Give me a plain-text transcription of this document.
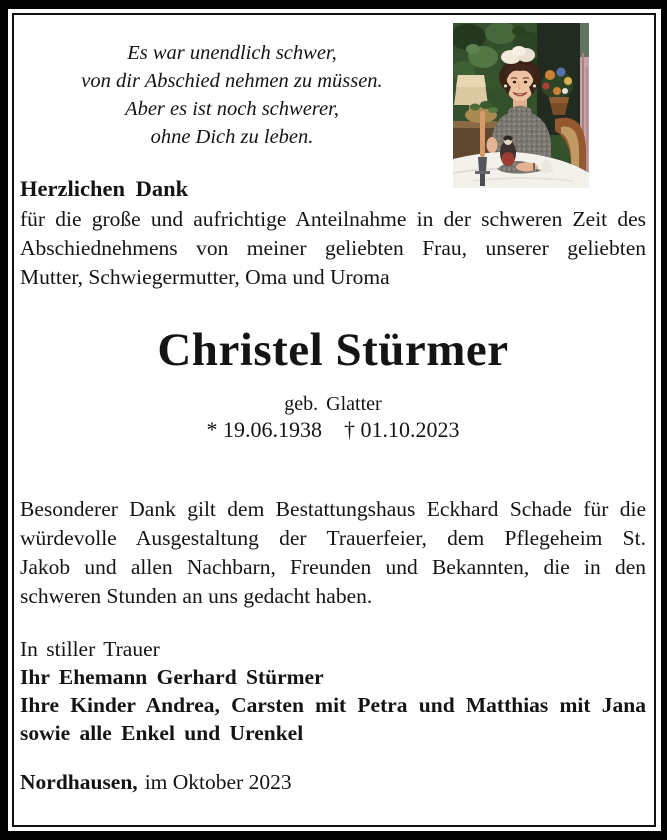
Es war unendlich schwer,
von dir Abschied nehmen zu müssen.
Aber es ist noch schwerer,
ohne Dich zu leben.
Herzlichen Dank
für die große und aufrichtige Anteilnahme in der schweren Zeit des
Abschiednehmens von meiner geliebten Frau, unserer geliebten
Mutter, Schwiegermutter, Oma und Uroma
Christel Stürmer
geb. Glatter
* 19.06.1938 † 01.10.2023
Besonderer Dank gilt dem Bestattungshaus Eckhard Schade für die
würdevolle Ausgestaltung der Trauerfeier, dem Pflegeheim St.
Jakob und allen Nachbarn, Freunden und Bekannten, die in den
schweren Stunden an uns gedacht haben.
In stiller Trauer
Ihr Ehemann Gerhard Stürmer
Ihre Kinder Andrea, Carsten mit Petra und Matthias mit Jana
sowie alle Enkel und Urenkel
Nordhausen, im Oktober 2023
